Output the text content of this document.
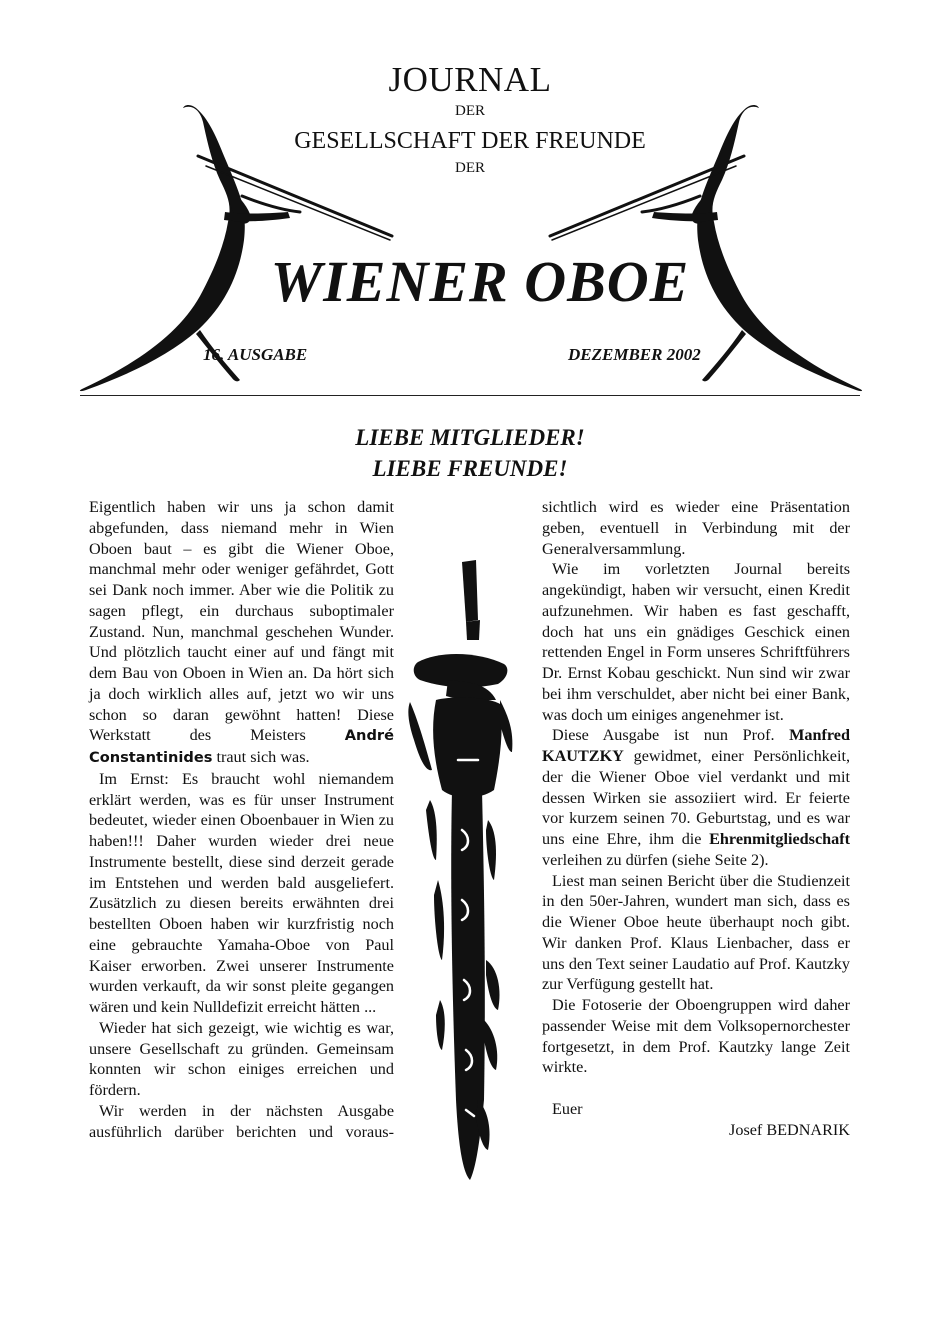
JOURNAL
DER
GESELLSCHAFT DER FREUNDE
DER
WIENER OBOE
16. AUSGABE	DEZEMBER 2002
LIEBE MITGLIEDER!
LIEBE FREUNDE!

Eigentlich haben wir uns ja schon damit abgefunden, dass niemand mehr in Wien Oboen baut – es gibt die Wiener Oboe, manchmal mehr oder weniger gefährdet, Gott sei Dank noch immer. Aber wie die Politik zu sagen pflegt, ein durchaus suboptimaler Zustand. Nun, manchmal geschehen Wunder. Und plötzlich taucht einer auf und fängt mit dem Bau von Oboen in Wien an. Da hört sich ja doch wirklich alles auf, jetzt wo wir uns schon so daran gewöhnt hatten! Diese Werkstatt des Meisters	André Constantinides traut sich was.

Im Ernst: Es braucht wohl niemandem erklärt werden, was es für unser Instrument bedeutet, wieder einen Oboenbauer in Wien zu haben!!! Daher wurden wieder drei neue Instrumente bestellt, diese sind derzeit gerade im Entstehen und werden bald ausgeliefert. Zusätzlich zu diesen bereits erwähnten drei bestellten Oboen haben wir kurzfristig noch eine gebrauchte Yamaha-Oboe von Paul Kaiser erworben. Zwei unserer Instrumente wurden verkauft, da wir sonst pleite gegangen wären und kein Nulldefizit erreicht hätten ...

Wieder hat sich gezeigt, wie wichtig es war, unsere Gesellschaft zu gründen. Gemeinsam konnten wir schon einiges erreichen und fördern.

Wir werden in der nächsten Ausgabe ausführlich darüber berichten und voraus-

sichtlich wird es wieder eine Präsentation geben, eventuell in Verbindung mit der Generalversammlung.

Wie im vorletzten Journal bereits angekündigt, haben wir versucht, einen Kredit aufzunehmen. Wir haben es fast geschafft, doch hat uns ein gnädiges Geschick einen rettenden Engel in Form unseres Schriftführers Dr. Ernst Kobau geschickt. Nun sind wir zwar bei ihm verschuldet, aber nicht bei einer Bank, was doch um einiges angenehmer ist.

Diese Ausgabe ist nun Prof. Manfred KAUTZKY gewidmet, einer Persönlichkeit, der die Wiener Oboe viel verdankt und mit dessen Wirken sie assoziiert wird. Er feierte vor kurzem seinen 70. Geburtstag, und es war uns eine Ehre, ihm die Ehrenmitgliedschaft verleihen zu dürfen (siehe Seite 2).

Liest man seinen Bericht über die Studienzeit in den 50er-Jahren, wundert man sich, dass es die Wiener Oboe heute überhaupt noch gibt. Wir danken Prof. Klaus Lienbacher, dass er uns den Text seiner Laudatio auf Prof. Kautzky zur Verfügung gestellt hat.

Die Fotoserie der Oboengruppen wird daher passender Weise mit dem Volksopernorchester fortgesetzt, in dem Prof. Kautzky lange Zeit wirkte.

Euer

Josef BEDNARIK
